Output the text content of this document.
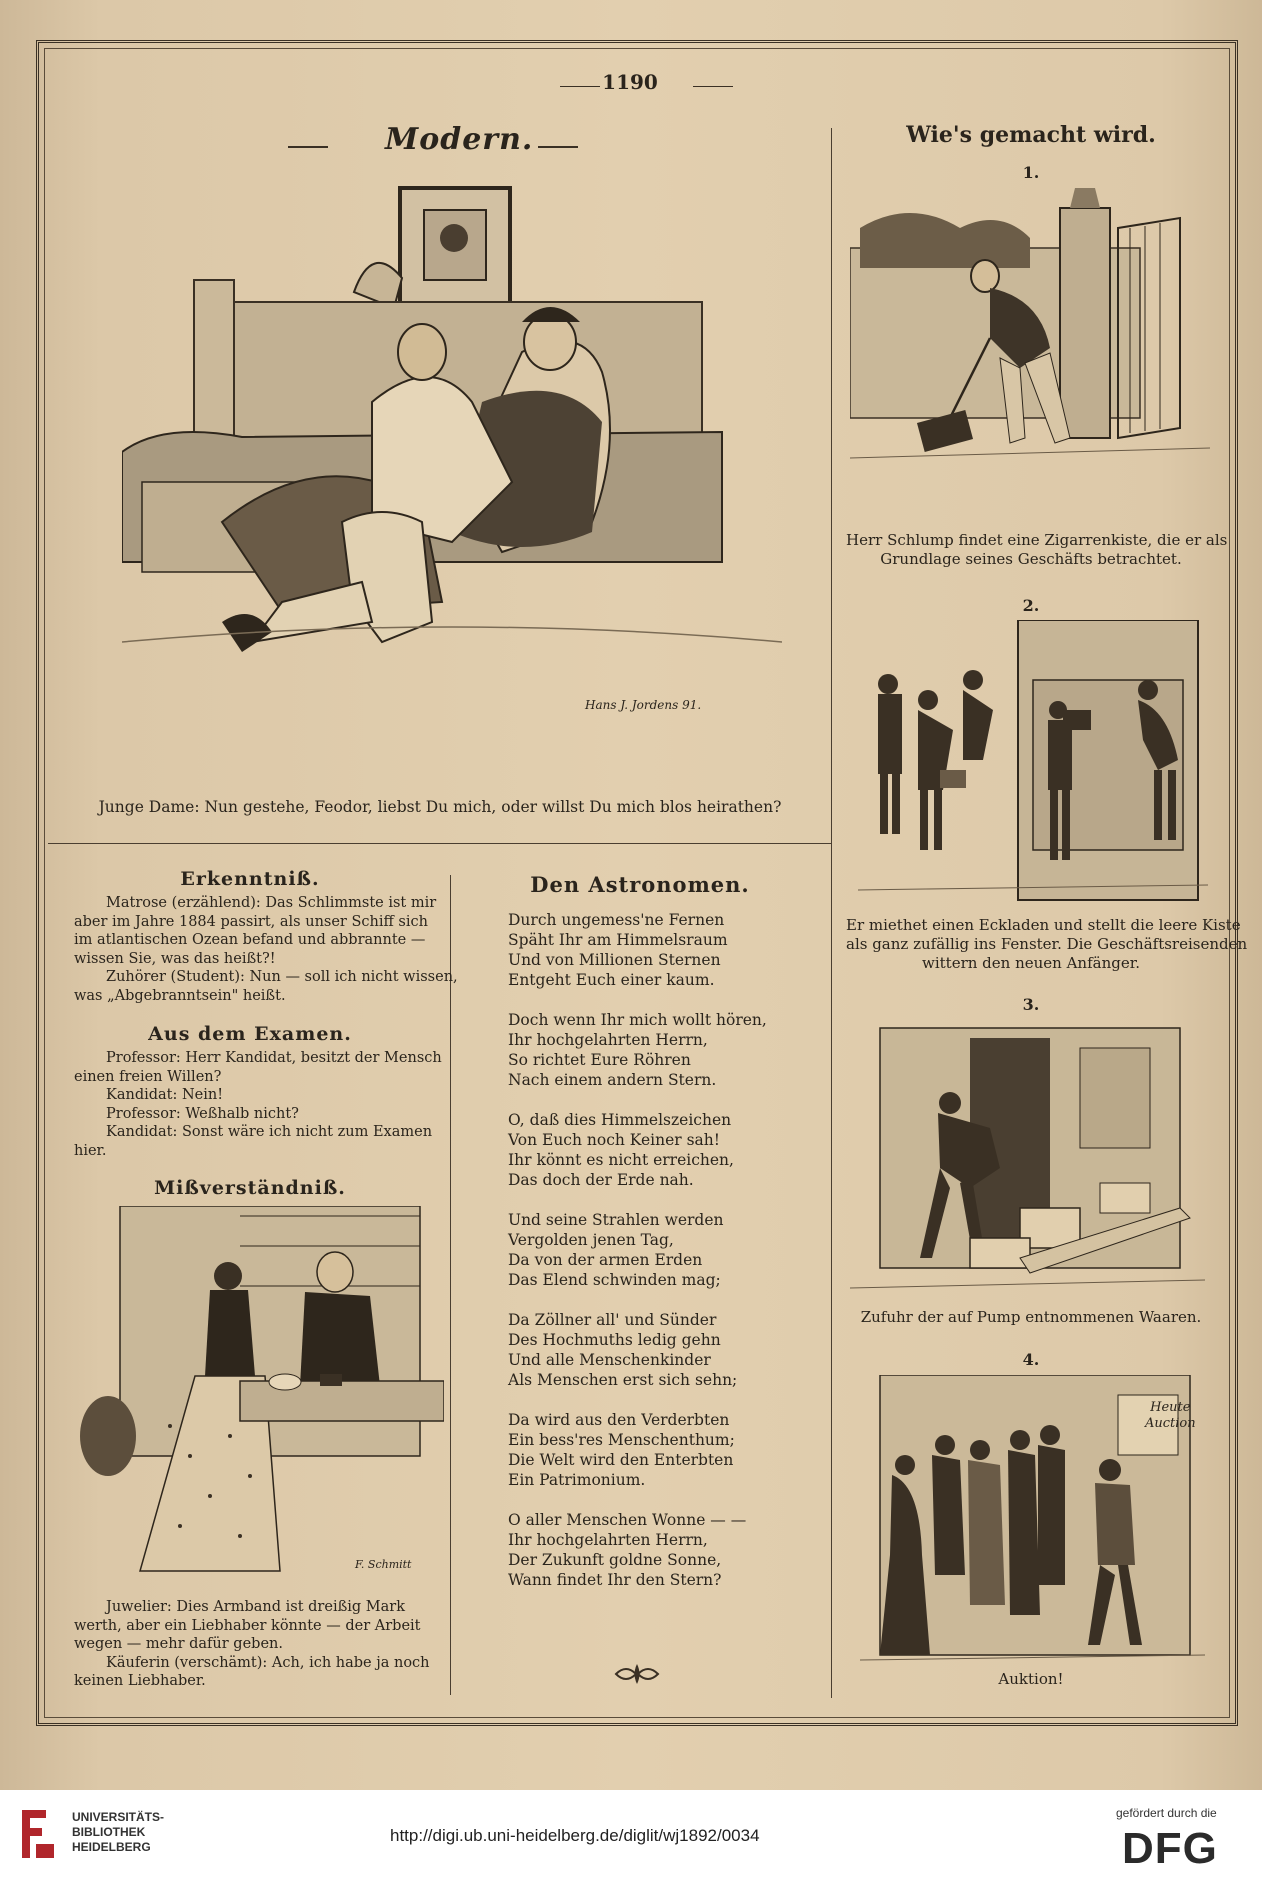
1190
Modern.
Hans J. Jordens 91.
Junge Dame: Nun gestehe, Feodor, liebst Du mich, oder willst Du mich blos heirathen?
Wie's gemacht wird.
1.
Herr Schlump findet eine Zigarrenkiste, die er als
Grundlage seines Geschäfts betrachtet.
2.
Er miethet einen Eckladen und stellt die leere Kiste
als ganz zufällig ins Fenster. Die Geschäftsreisenden
wittern den neuen Anfänger.
3.
Zufuhr der auf Pump entnommenen Waaren.
4.
Heute
Auction
Auktion!
Erkenntniß.
Matrose (erzählend): Das Schlimmste ist mir
aber im Jahre 1884 passirt, als unser Schiff sich
im atlantischen Ozean befand und abbrannte —
wissen Sie, was das heißt?!
Zuhörer (Student): Nun — soll ich nicht wissen,
was „Abgebranntsein" heißt.
Aus dem Examen.
Professor: Herr Kandidat, besitzt der Mensch
einen freien Willen?
Kandidat: Nein!
Professor: Weßhalb nicht?
Kandidat: Sonst wäre ich nicht zum Examen
hier.
Mißverständniß.
F. Schmitt
Juwelier: Dies Armband ist dreißig Mark
werth, aber ein Liebhaber könnte — der Arbeit
wegen — mehr dafür geben.
Käuferin (verschämt): Ach, ich habe ja noch
keinen Liebhaber.
Den Astronomen.
Durch ungemess'ne Fernen
Späht Ihr am Himmelsraum
Und von Millionen Sternen
Entgeht Euch einer kaum.
Doch wenn Ihr mich wollt hören,
Ihr hochgelahrten Herrn,
So richtet Eure Röhren
Nach einem andern Stern.
O, daß dies Himmelszeichen
Von Euch noch Keiner sah!
Ihr könnt es nicht erreichen,
Das doch der Erde nah.
Und seine Strahlen werden
Vergolden jenen Tag,
Da von der armen Erden
Das Elend schwinden mag;
Da Zöllner all' und Sünder
Des Hochmuths ledig gehn
Und alle Menschenkinder
Als Menschen erst sich sehn;
Da wird aus den Verderbten
Ein bess'res Menschenthum;
Die Welt wird den Enterbten
Ein Patrimonium.
O aller Menschen Wonne — —
Ihr hochgelahrten Herrn,
Der Zukunft goldne Sonne,
Wann findet Ihr den Stern?
UNIVERSITÄTS-
BIBLIOTHEK
HEIDELBERG
http://digi.ub.uni-heidelberg.de/diglit/wj1892/0034
gefördert durch die
DFG
